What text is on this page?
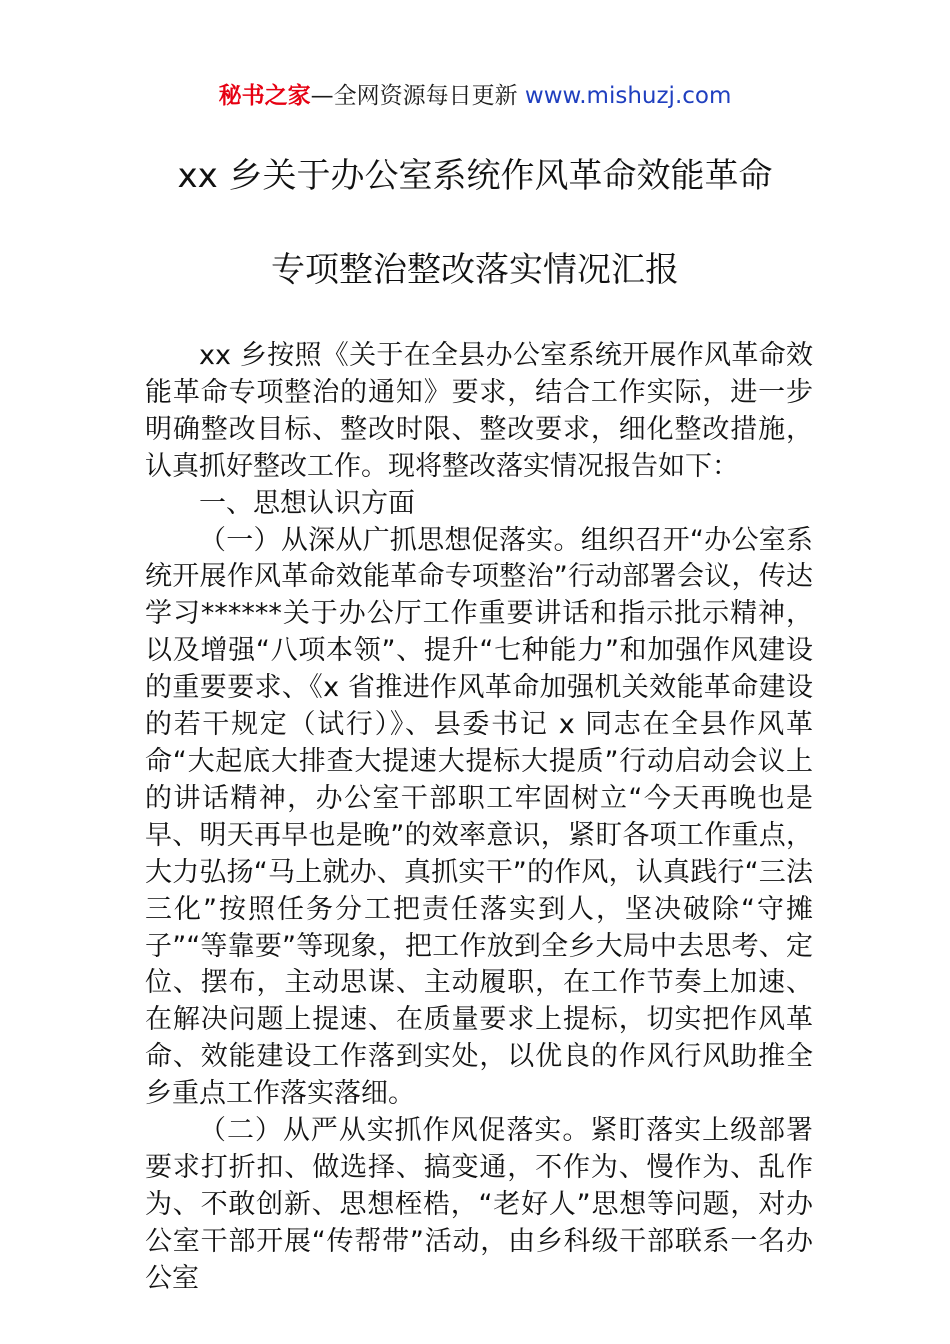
秘书之家—全网资源每日更新 www.mishuzj.com
xx 乡关于办公室系统作风革命效能革命
专项整治整改落实情况汇报

xx 乡按照《关于在全县办公室系统开展作风革命效能革命专项整治的通知》要求，结合工作实际，进一步明确整改目标、整改时限、整改要求，细化整改措施，认真抓好整改工作。现将整改落实情况报告如下：

一、思想认识方面

（一）从深从广抓思想促落实。组织召开“办公室系统开展作风革命效能革命专项整治”行动部署会议，传达学习******关于办公厅工作重要讲话和指示批示精神，以及增强“八项本领”、提升“七种能力”和加强作风建设的重要要求、《x 省推进作风革命加强机关效能革命建设的若干规定（试行）》、县委书记 x 同志在全县作风革命“大起底大排查大提速大提标大提质”行动启动会议上的讲话精神，办公室干部职工牢固树立“今天再晚也是早、明天再早也是晚”的效率意识，紧盯各项工作重点，大力弘扬“马上就办、真抓实干”的作风，认真践行“三法三化”按照任务分工把责任落实到人，坚决破除“守摊子”“等靠要”等现象，把工作放到全乡大局中去思考、定位、摆布，主动思谋、主动履职，在工作节奏上加速、在解决问题上提速、在质量要求上提标，切实把作风革命、效能建设工作落到实处，以优良的作风行风助推全乡重点工作落实落细。

（二）从严从实抓作风促落实。紧盯落实上级部署要求打折扣、做选择、搞变通，不作为、慢作为、乱作为、不敢创新、思想桎梏，“老好人”思想等问题，对办公室干部开展“传帮带”活动，由乡科级干部联系一名办公室
